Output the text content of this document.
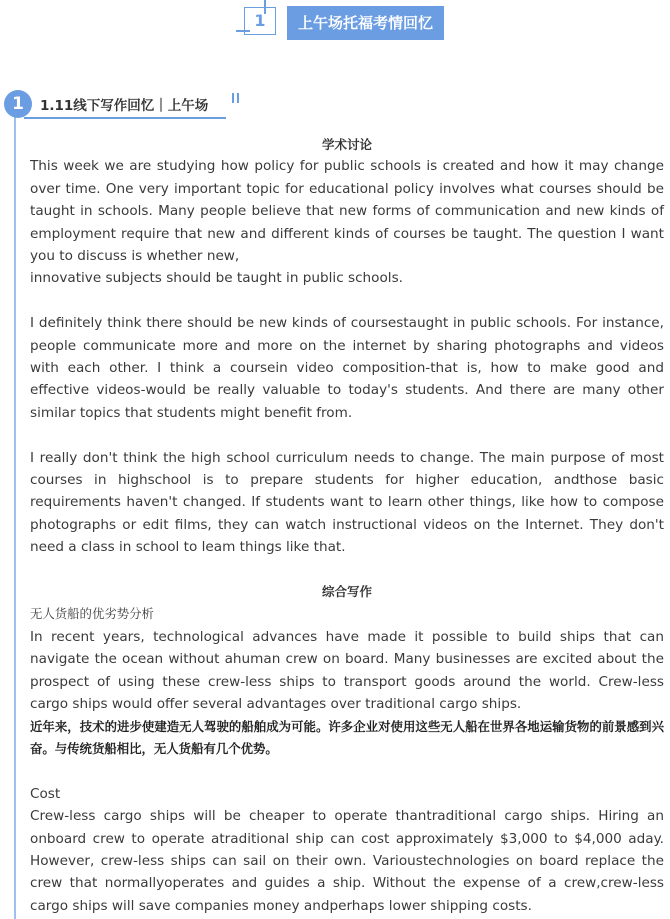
1	上午场托福考情回忆
1	1.11线下写作回忆｜上午场

学术讨论

This week we are studying how policy for public schools is created and how it may change over time. One very important topic for educational policy involves what courses should be taught in schools. Many people believe that new forms of communication and new kinds of employment require that new and different kinds of courses be taught. The question I want you to discuss is whether new,

innovative subjects should be taught in public schools.

I definitely think there should be new kinds of coursestaught in public schools. For instance, people communicate more and more on the internet by sharing photographs and videos with each other. I think a coursein video composition-that is, how to make good and effective videos-would be really valuable to today's students. And there are many other similar topics that students might benefit from.

I really don't think the high school curriculum needs to change. The main purpose of most courses in highschool is to prepare students for higher education, andthose basic requirements haven't changed. If students want to learn other things, like how to compose photographs or edit films, they can watch instructional videos on the Internet. They don't need a class in school to leam things like that.

综合写作

无人货船的优劣势分析

In recent years, technological advances have made it possible to build ships that can navigate the ocean without ahuman crew on board. Many businesses are excited about the prospect of using these crew-less ships to transport goods around the world. Crew-less cargo ships would offer several advantages over traditional cargo ships.

近年来，技术的进步使建造无人驾驶的船舶成为可能。许多企业对使用这些无人船在世界各地运输货物的前景感到兴奋。与传统货船相比，无人货船有几个优势。

Cost

Crew-less cargo ships will be cheaper to operate thantraditional cargo ships. Hiring an onboard crew to operate atraditional ship can cost approximately $3,000 to $4,000 aday. However, crew-less ships can sail on their own. Varioustechnologies on board replace the crew that normallyoperates and guides a ship. Without the expense of a crew,crew-less cargo ships will save companies money andperhaps lower shipping costs.
